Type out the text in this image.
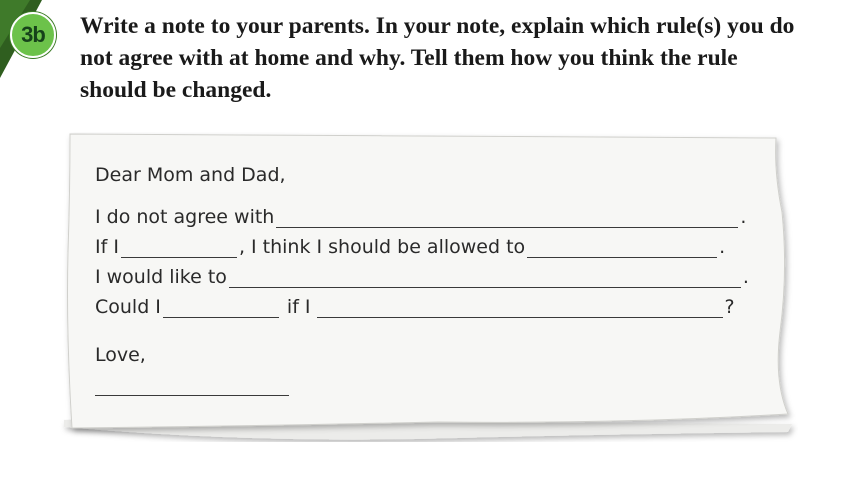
3b	Write a note to your parents. In your note, explain which rule(s) you do not agree with at home and why. Tell them how you think the rule should be changed.
Dear Mom and Dad,
I do not agree with	.
If I	, I think I should be allowed to	.
I would like to	.
Could I	if I	?
Love,
